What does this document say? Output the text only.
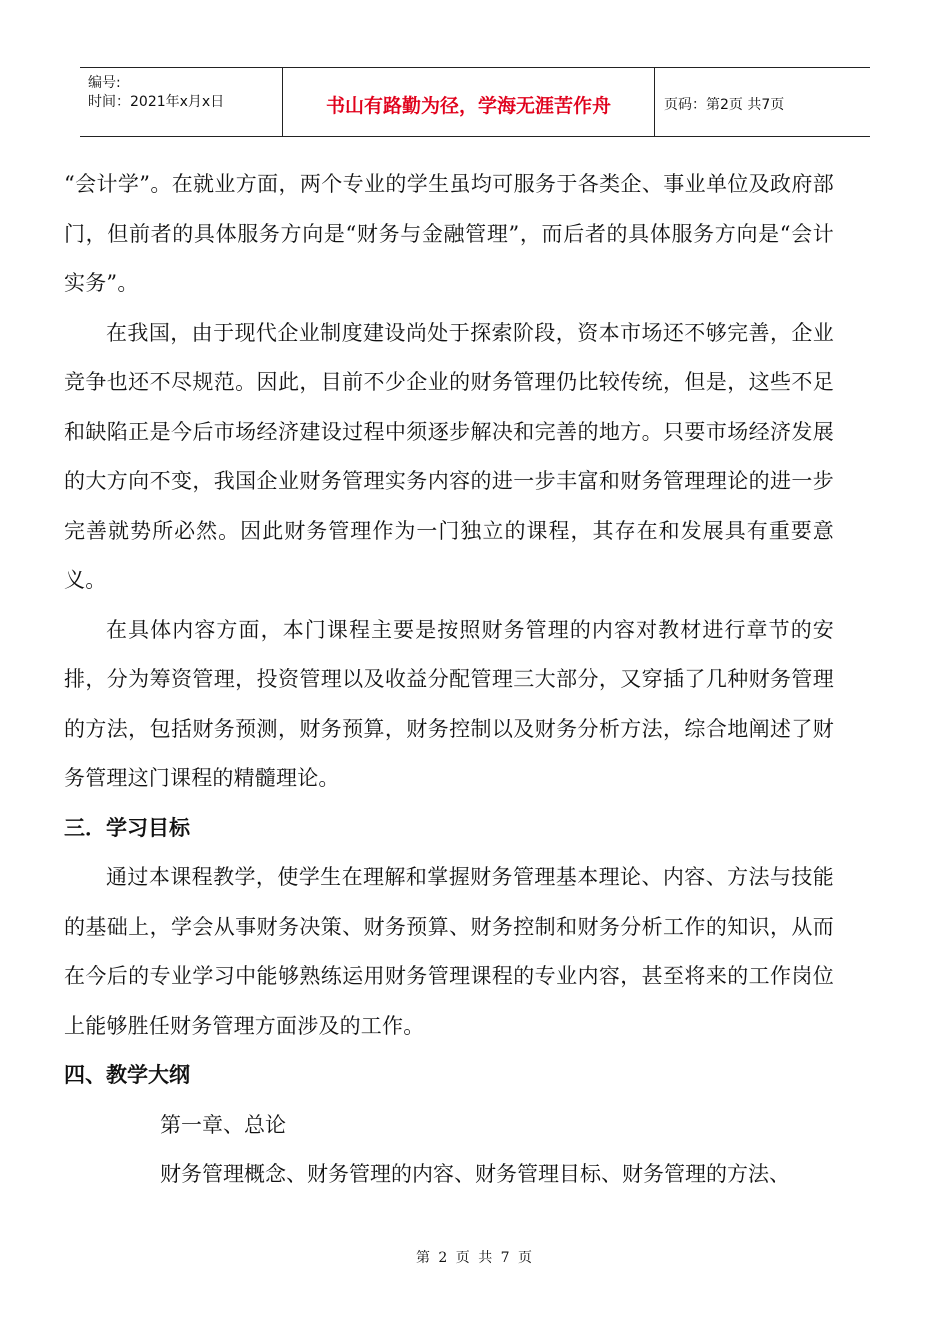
编号:
时间：2021年x月x日	书山有路勤为径，学海无涯苦作舟	页码：第2页 共7页

“会计学”。在就业方面，两个专业的学生虽均可服务于各类企、事业单位及政府部门，但前者的具体服务方向是“财务与金融管理”，而后者的具体服务方向是“会计实务”。

在我国，由于现代企业制度建设尚处于探索阶段，资本市场还不够完善，企业竞争也还不尽规范。因此，目前不少企业的财务管理仍比较传统，但是，这些不足和缺陷正是今后市场经济建设过程中须逐步解决和完善的地方。只要市场经济发展的大方向不变，我国企业财务管理实务内容的进一步丰富和财务管理理论的进一步完善就势所必然。因此财务管理作为一门独立的课程，其存在和发展具有重要意义。

在具体内容方面，本门课程主要是按照财务管理的内容对教材进行章节的安排，分为筹资管理，投资管理以及收益分配管理三大部分，又穿插了几种财务管理的方法，包括财务预测，财务预算，财务控制以及财务分析方法，综合地阐述了财务管理这门课程的精髓理论。

三．学习目标

通过本课程教学，使学生在理解和掌握财务管理基本理论、内容、方法与技能的基础上，学会从事财务决策、财务预算、财务控制和财务分析工作的知识，从而在今后的专业学习中能够熟练运用财务管理课程的专业内容，甚至将来的工作岗位上能够胜任财务管理方面涉及的工作。

四、教学大纲

第一章、总论

财务管理概念、财务管理的内容、财务管理目标、财务管理的方法、

第 2 页 共 7 页
